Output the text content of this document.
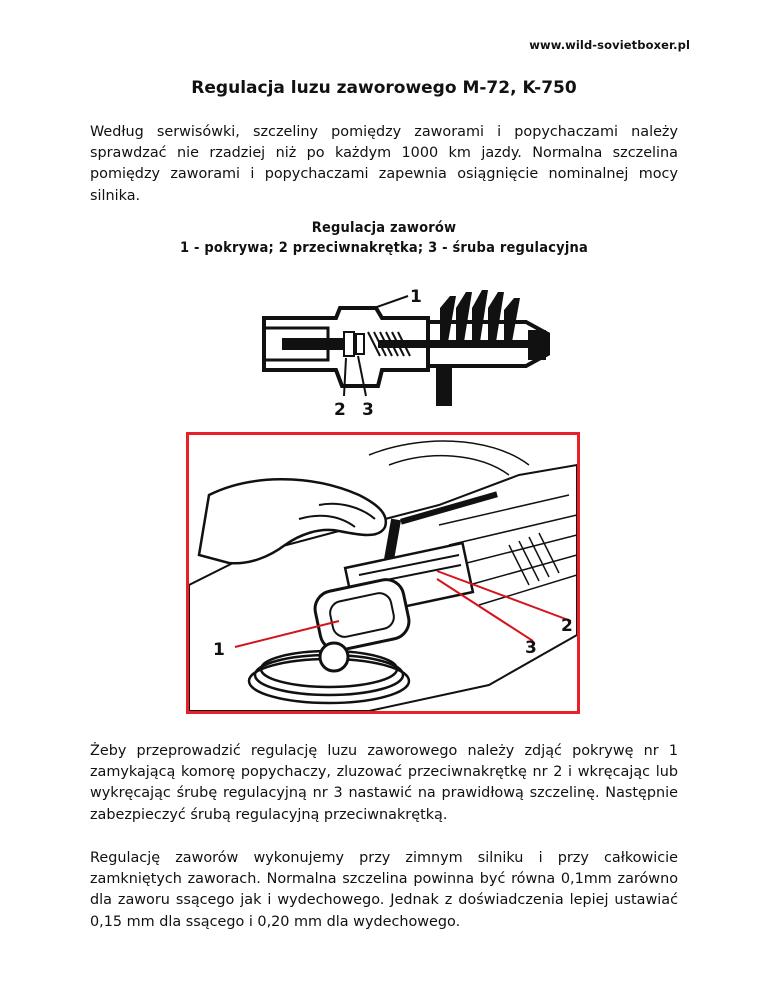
www.wild-sovietboxer.pl
Regulacja luzu zaworowego M-72, K-750

Według serwisówki, szczeliny pomiędzy zaworami i popychaczami należy sprawdzać nie rzadziej niż po każdym 1000 km jazdy. Normalna szczelina pomiędzy zaworami i popychaczami zapewnia osiągnięcie nominalnej mocy silnika.

Regulacja zaworów
1 - pokrywa; 2 przeciwnakrętka; 3 - śruba regulacyjna
1
2 3
1
2
3

Żeby przeprowadzić regulację luzu zaworowego należy zdjąć pokrywę nr 1 zamykającą komorę popychaczy, zluzować przeciwnakrętkę nr 2 i wkręcając lub wykręcając śrubę regulacyjną nr 3 nastawić na prawidłową szczelinę. Następnie zabezpieczyć śrubą regulacyjną przeciwnakrętką.

Regulację zaworów wykonujemy przy zimnym silniku i przy całkowicie zamkniętych zaworach. Normalna szczelina powinna być równa 0,1mm zarówno dla zaworu ssącego jak i wydechowego. Jednak z doświadczenia lepiej ustawiać 0,15 mm dla ssącego i 0,20 mm dla wydechowego.
